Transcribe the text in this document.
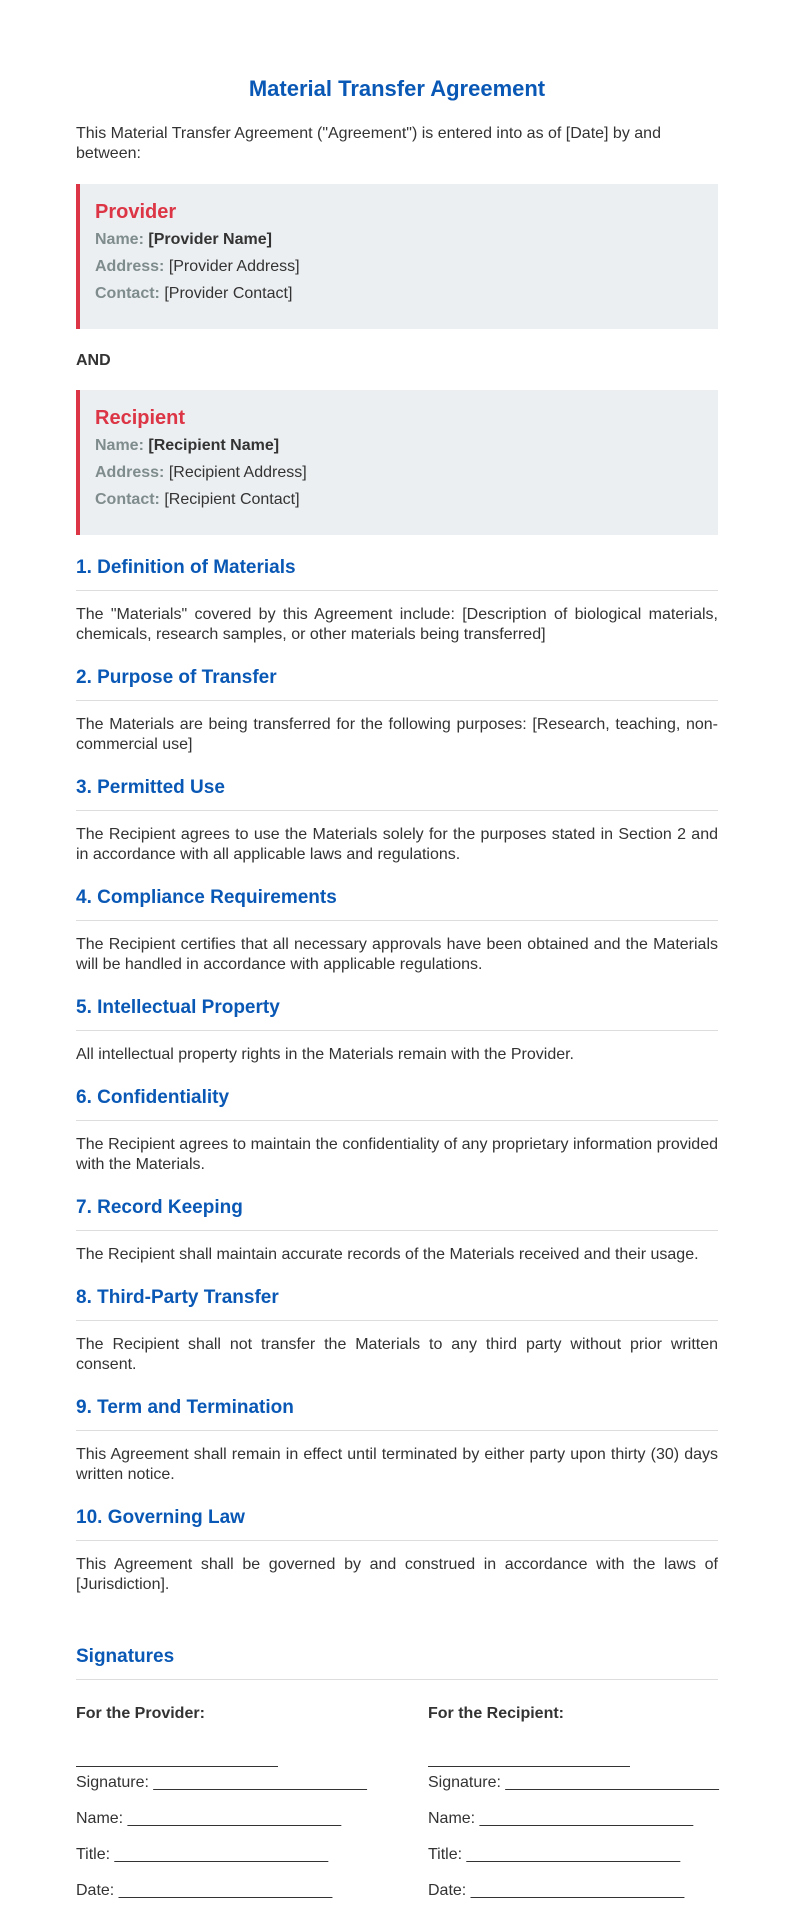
Material Transfer Agreement

This Material Transfer Agreement ("Agreement") is entered into as of [Date] by and between:

Provider
Name: [Provider Name]
Address: [Provider Address]
Contact: [Provider Contact]

AND

Recipient
Name: [Recipient Name]
Address: [Recipient Address]
Contact: [Recipient Contact]
1. Definition of Materials

The "Materials" covered by this Agreement include: [Description of biological materials, chemicals, research samples, or other materials being transferred]

2. Purpose of Transfer

The Materials are being transferred for the following purposes: [Research, teaching, non-commercial use]

3. Permitted Use

The Recipient agrees to use the Materials solely for the purposes stated in Section 2 and in accordance with all applicable laws and regulations.

4. Compliance Requirements

The Recipient certifies that all necessary approvals have been obtained and the Materials will be handled in accordance with applicable regulations.

5. Intellectual Property

All intellectual property rights in the Materials remain with the Provider.

6. Confidentiality

The Recipient agrees to maintain the confidentiality of any proprietary information provided with the Materials.

7. Record Keeping

The Recipient shall maintain accurate records of the Materials received and their usage.

8. Third-Party Transfer

The Recipient shall not transfer the Materials to any third party without prior written consent.

9. Term and Termination

This Agreement shall remain in effect until terminated by either party upon thirty (30) days written notice.

10. Governing Law

This Agreement shall be governed by and construed in accordance with the laws of [Jurisdiction].

Signatures

For the Provider:

Signature: ________________________

Name: ________________________

Title: ________________________

Date: ________________________

For the Recipient:

Signature: ________________________

Name: ________________________

Title: ________________________

Date: ________________________
